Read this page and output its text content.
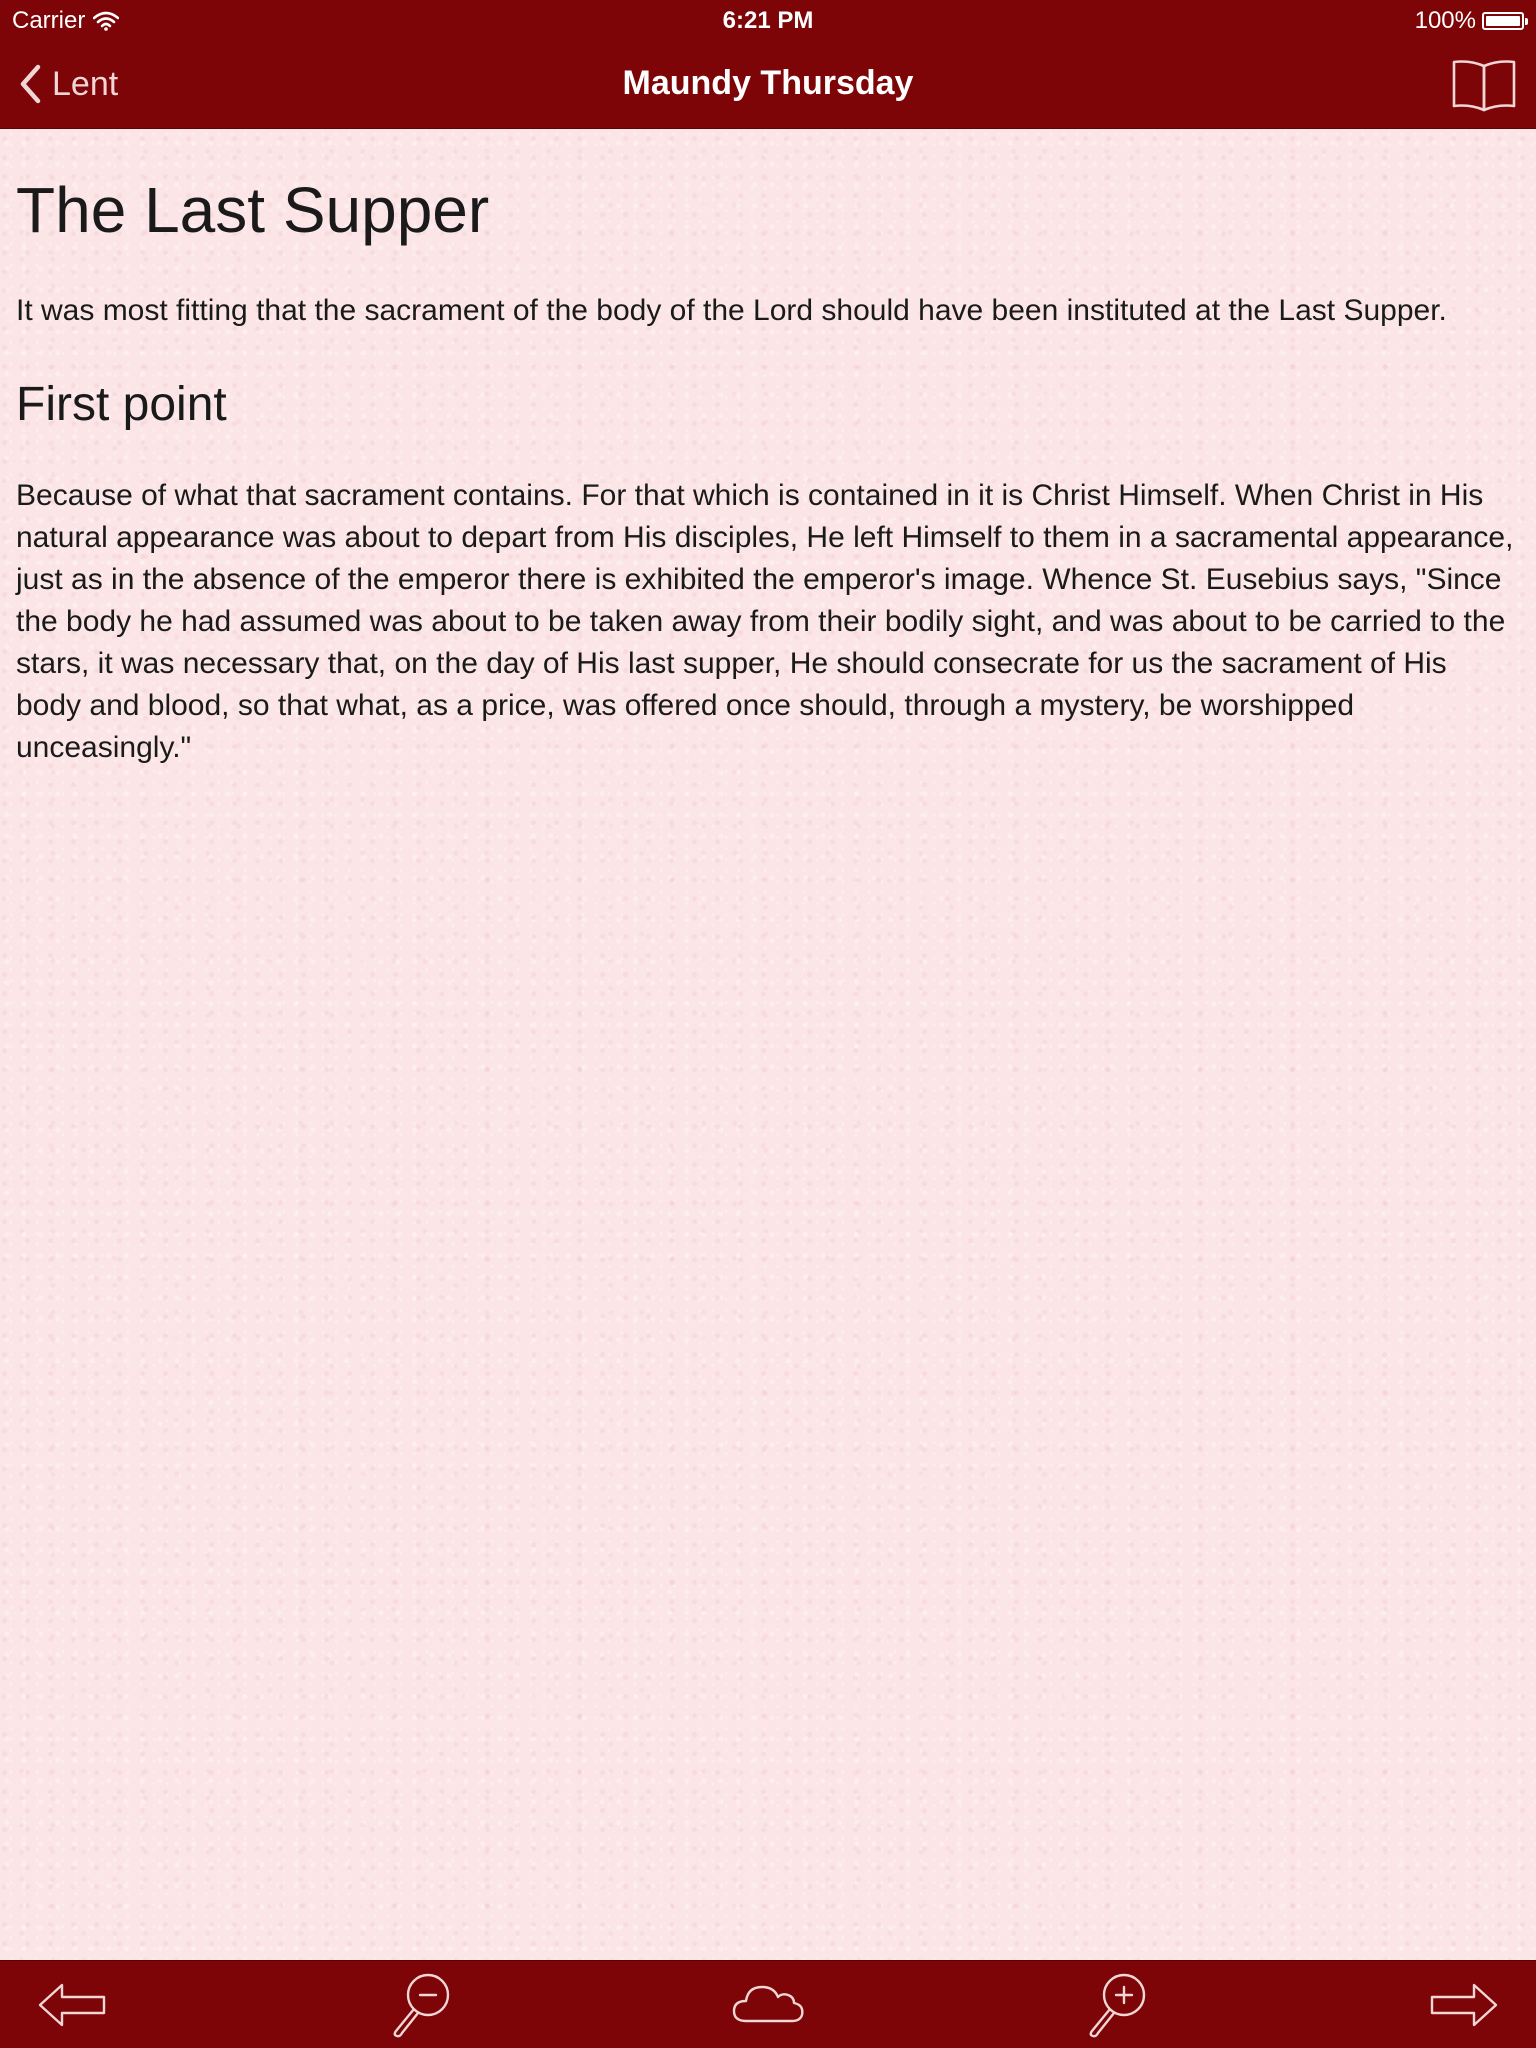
Carrier	6:21 PM	100%
Lent	Maundy Thursday
The Last Supper

It was most fitting that the sacrament of the body of the Lord should have been instituted at the Last Supper.

First point

Because of what that sacrament contains. For that which is contained in it is Christ Himself. When Christ in His natural appearance was about to depart from His disciples, He left Himself to them in a sacramental appearance, just as in the absence of the emperor there is exhibited the emperor's image. Whence St. Eusebius says, "Since the body he had assumed was about to be taken away from their bodily sight, and was about to be carried to the stars, it was necessary that, on the day of His last supper, He should consecrate for us the sacrament of His body and blood, so that what, as a price, was offered once should, through a mystery, be worshipped unceasingly."
